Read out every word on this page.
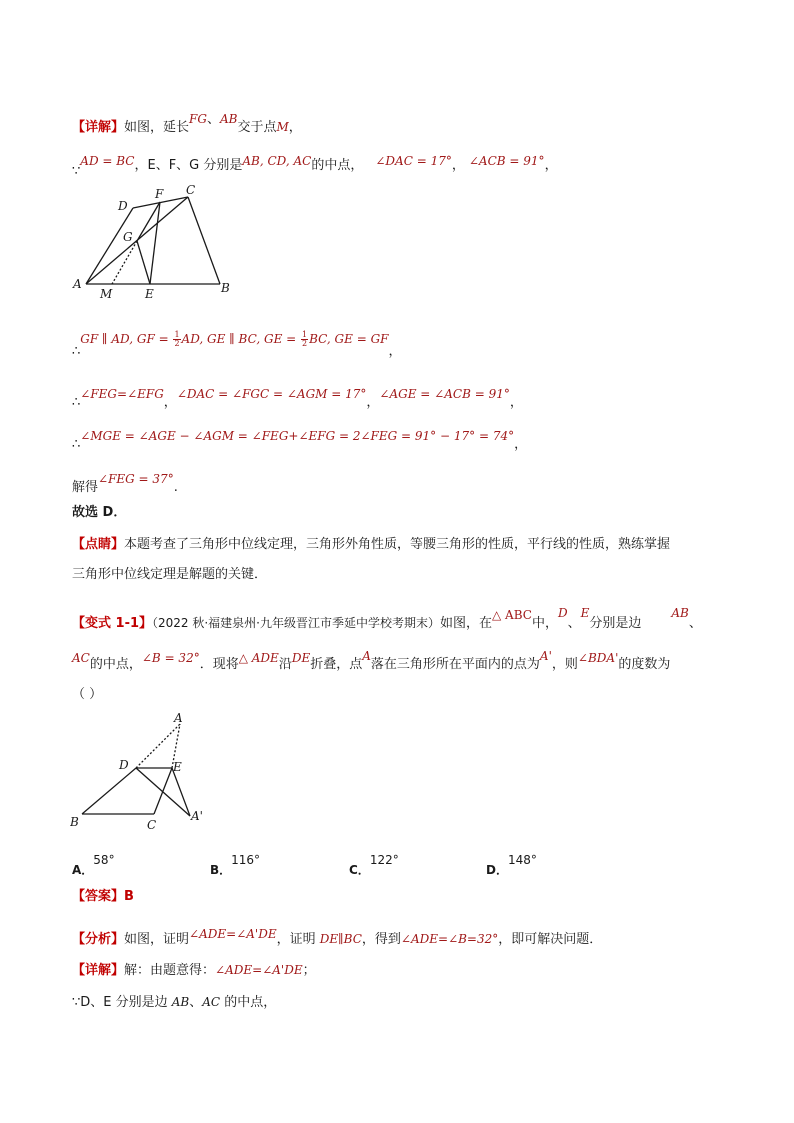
【详解】如图，延长FG、AB交于点M，
∵AD = BC，E、F、G 分别是AB, CD, AC的中点， ∠DAC = 17°， ∠ACB = 91°，
D
F C
G
A
M	E	B
∴GF ∥ AD, GF = $\frac{1}{2}$ AD, GE ∥ BC, GE = $\frac{1}{2}$ BC, GE = GF，
∴∠FEG=∠EFG，∠DAC = ∠FGC = ∠AGM = 17°，∠AGE = ∠ACB = 91°，
∴∠MGE = ∠AGE − ∠AGM = ∠FEG+∠EFG = 2∠FEG = 91° − 17° = 74°，
解得∠FEG = 37°.
故选 D．
【点睛】本题考查了三角形中位线定理，三角形外角性质，等腰三角形的性质，平行线的性质，熟练掌握
三角形中位线定理是解题的关键．
【变式 1-1】（2022 秋·福建泉州·九年级晋江市季延中学校考期末）如图，在△ ABC中，D、E分别是边AB、
AC的中点，∠B = 32°．现将△ ADE沿DE折叠，点A落在三角形所在平面内的点为A'，则∠BDA'的度数为
（ ）
A
D	E
B	C
A'
A．58°
B．116°
C．122°
D．148°
【答案】B
【分析】如图，证明∠ADE=∠A'DE，证明 DE∥BC，得到∠ADE=∠B=32°，即可解决问题．
【详解】解：由题意得：∠ADE=∠A'DE；
∵D、E 分别是边 AB、AC 的中点，
